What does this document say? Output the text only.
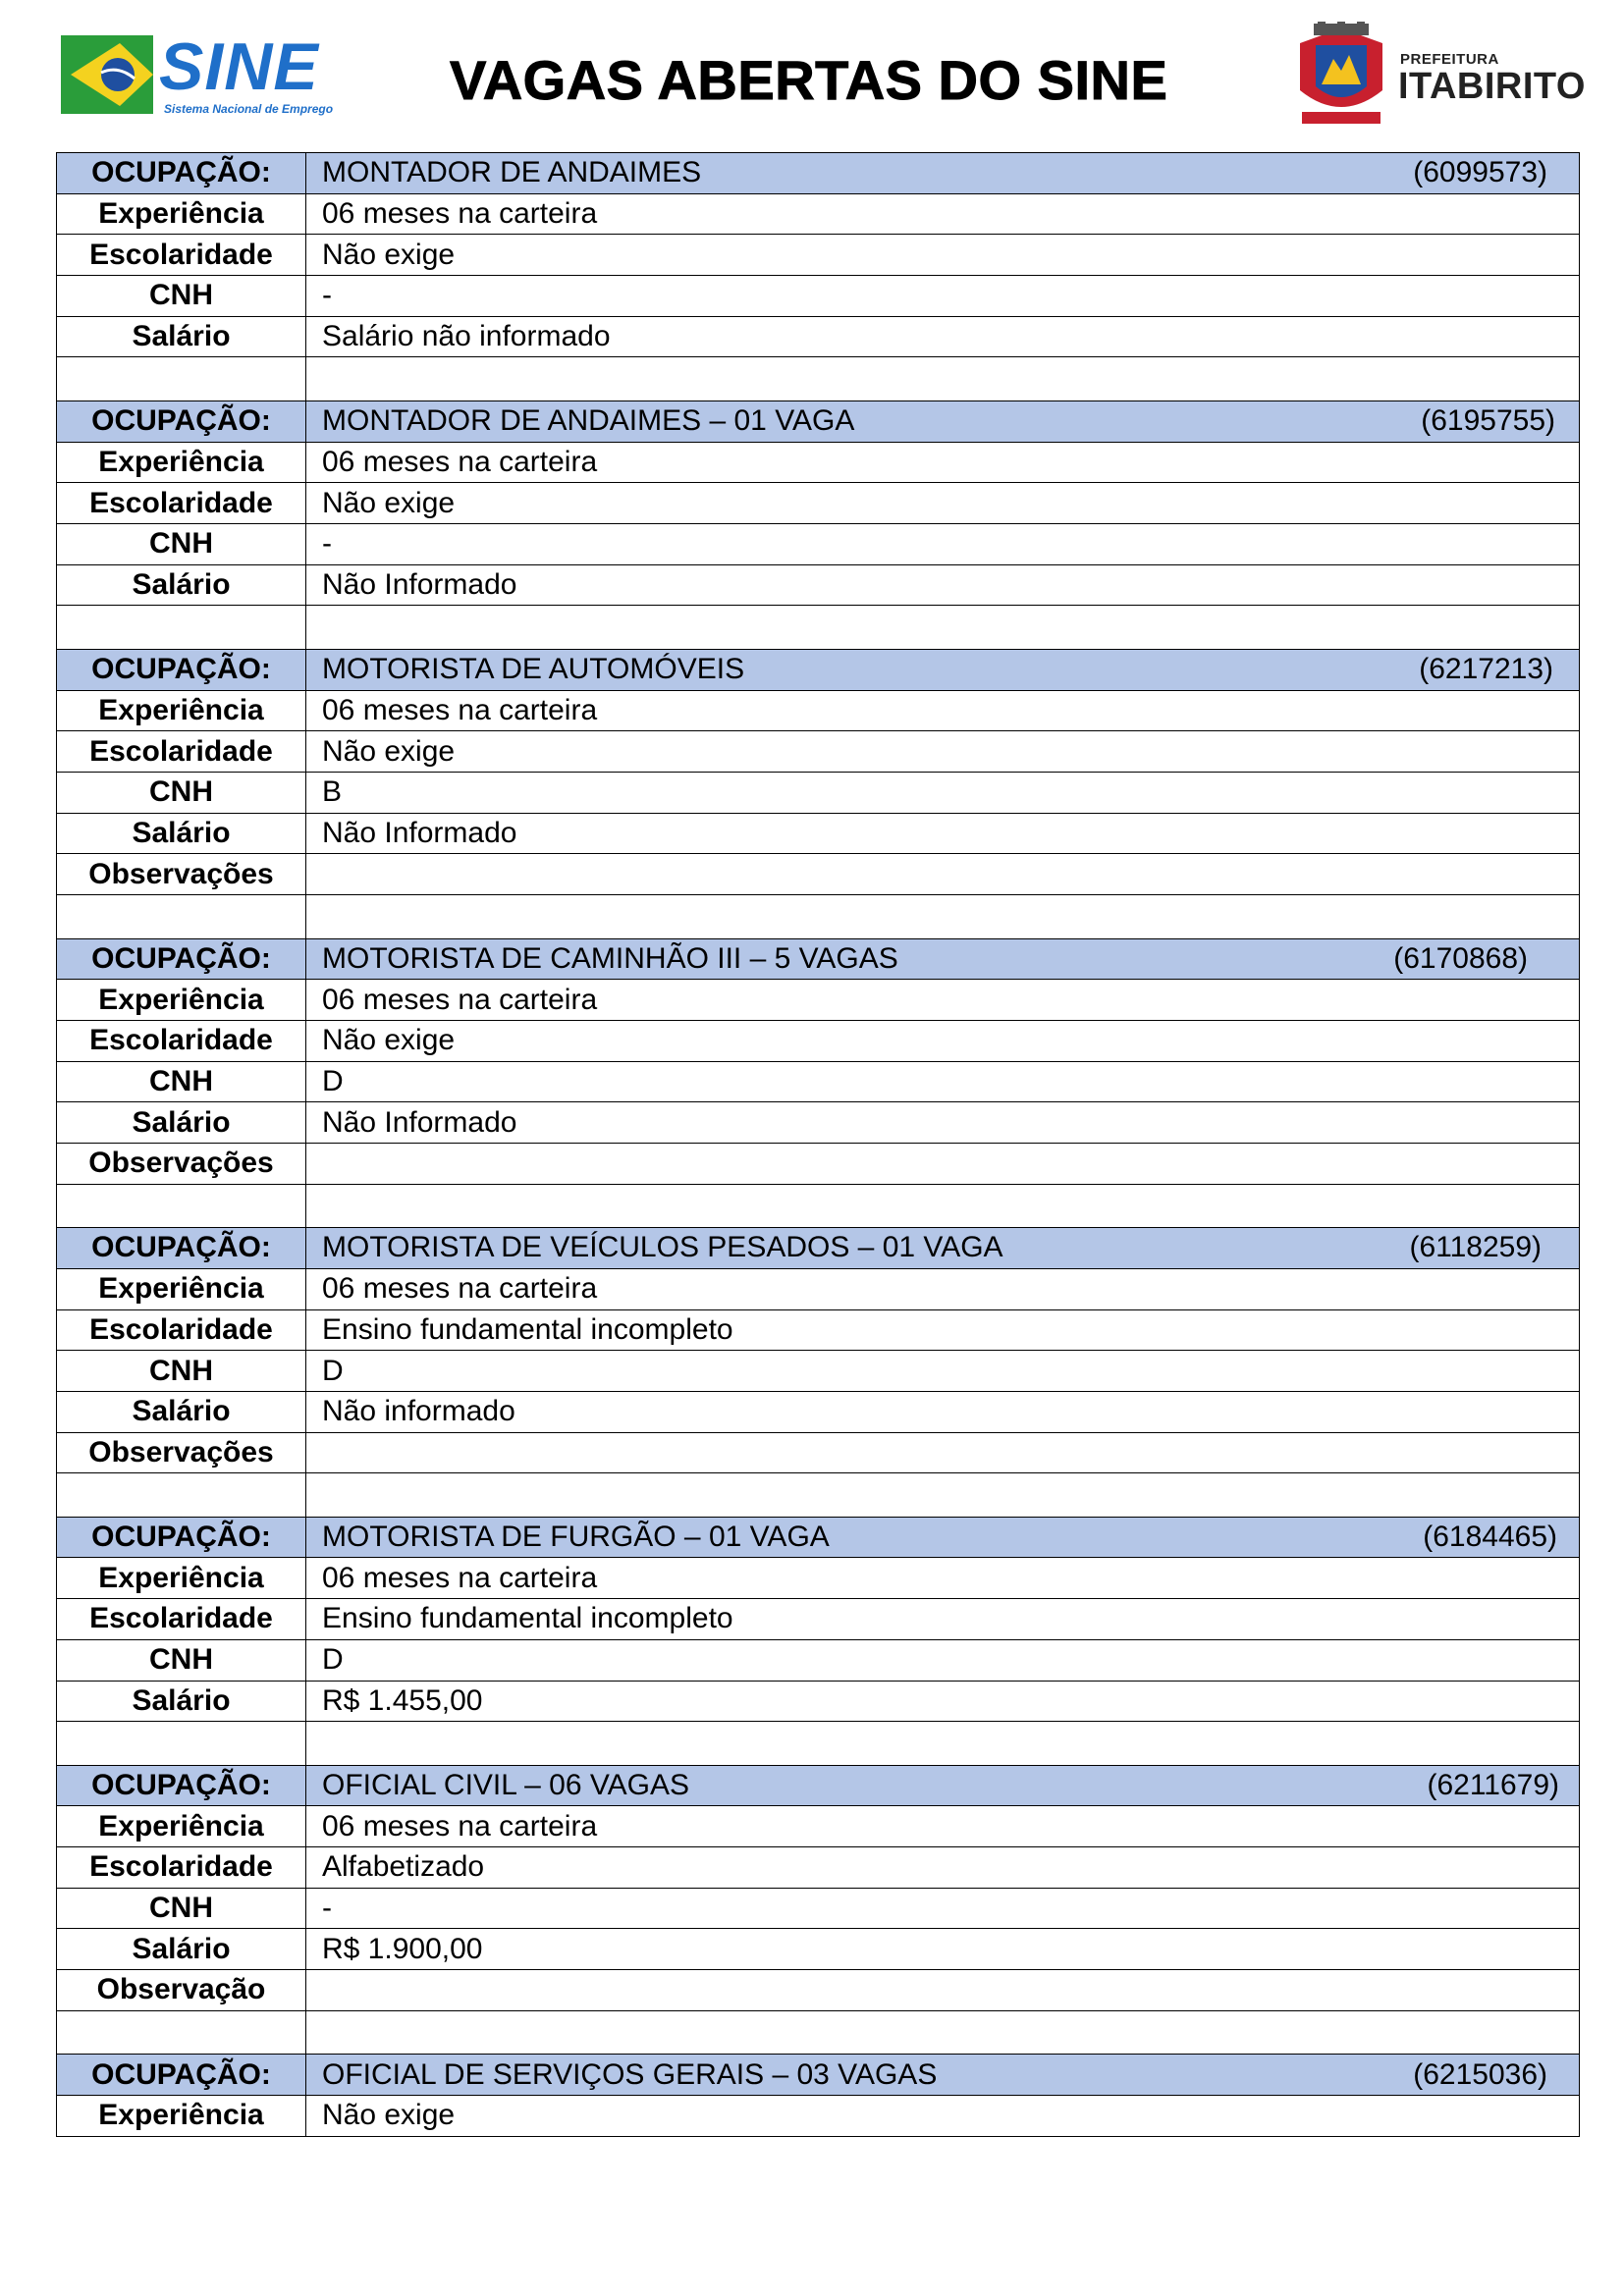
SINE
Sistema Nacional de Emprego VAGAS ABERTAS DO SINE	PREFEITURA
ITABIRITO
OCUPAÇÃO:	MONTADOR DE ANDAIMES (6099573)

Experiência	06 meses na carteira
Escolaridade	Não exige
CNH	-
Salário	Salário não informado

OCUPAÇÃO:	MONTADOR DE ANDAIMES – 01 VAGA (6195755)

Experiência	06 meses na carteira
Escolaridade	Não exige
CNH	-
Salário	Não Informado

OCUPAÇÃO:	MOTORISTA DE AUTOMÓVEIS (6217213)

Experiência	06 meses na carteira
Escolaridade	Não exige
CNH	B
Salário	Não Informado
Observações	

OCUPAÇÃO:	MOTORISTA DE CAMINHÃO III – 5 VAGAS (6170868)

Experiência	06 meses na carteira
Escolaridade	Não exige
CNH	D
Salário	Não Informado
Observações	

OCUPAÇÃO:	MOTORISTA DE VEÍCULOS PESADOS – 01 VAGA (6118259)

Experiência	06 meses na carteira
Escolaridade	Ensino fundamental incompleto
CNH	D
Salário	Não informado
Observações	

OCUPAÇÃO:	MOTORISTA DE FURGÃO – 01 VAGA (6184465)

Experiência	06 meses na carteira
Escolaridade	Ensino fundamental incompleto
CNH	D
Salário	R$ 1.455,00

OCUPAÇÃO:	OFICIAL CIVIL – 06 VAGAS (6211679)

Experiência	06 meses na carteira
Escolaridade	Alfabetizado
CNH	-
Salário	R$ 1.900,00
Observação	

OCUPAÇÃO:	OFICIAL DE SERVIÇOS GERAIS – 03 VAGAS (6215036)

Experiência	Não exige
